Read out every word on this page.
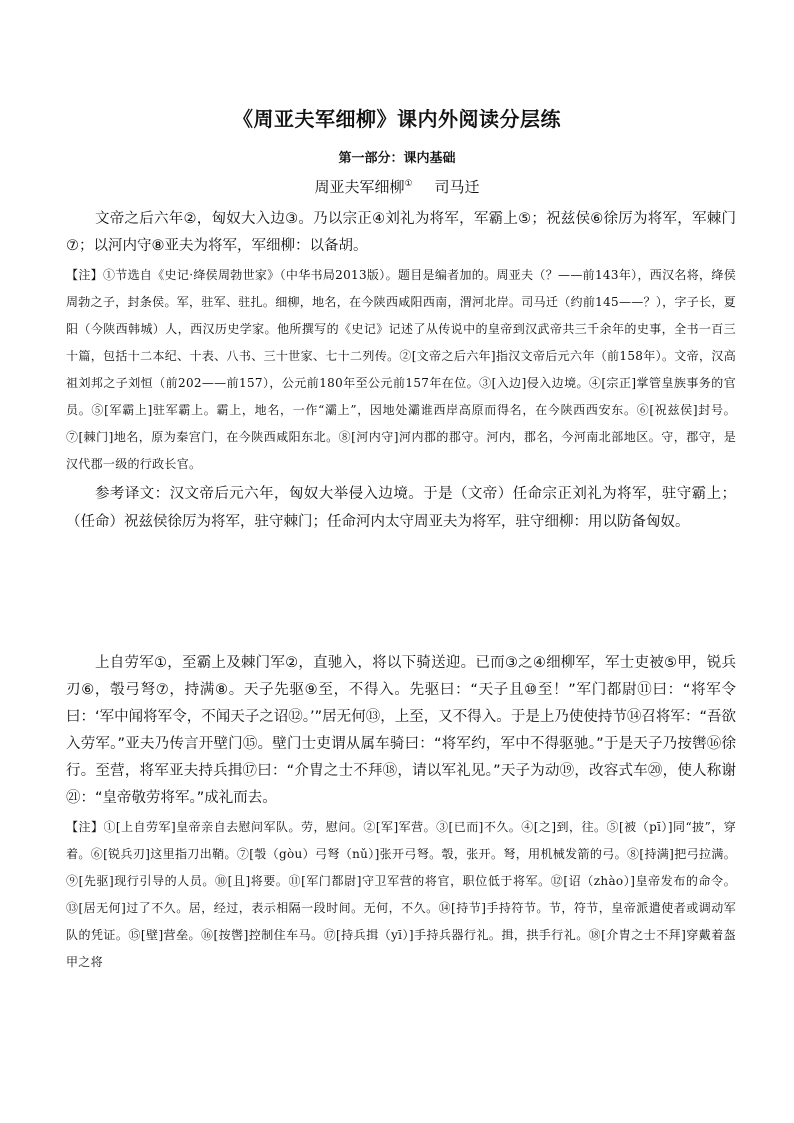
《周亚夫军细柳》课内外阅读分层练
第一部分：课内基础
周亚夫军细柳① 司马迁

文帝之后六年②，匈奴大入边③。乃以宗正④刘礼为将军，军霸上⑤；祝兹侯⑥徐厉为将军，军棘门⑦；以河内守⑧亚夫为将军，军细柳：以备胡。

【注】①节选自《史记·绛侯周勃世家》（中华书局2013版）。题目是编者加的。周亚夫（？——前143年），西汉名将，绛侯周勃之子，封条侯。军，驻军、驻扎。细柳，地名，在今陕西咸阳西南，渭河北岸。司马迁（约前145——？），字子长，夏阳（今陕西韩城）人，西汉历史学家。他所撰写的《史记》记述了从传说中的皇帝到汉武帝共三千余年的史事，全书一百三十篇，包括十二本纪、十表、八书、三十世家、七十二列传。②[文帝之后六年]指汉文帝后元六年（前158年）。文帝，汉高祖刘邦之子刘恒（前202——前157），公元前180年至公元前157年在位。③[入边]侵入边境。④[宗正]掌管皇族事务的官员。⑤[军霸上]驻军霸上。霸上，地名，一作“灞上”，因地处灞谁西岸高原而得名，在今陕西西安东。⑥[祝兹侯]封号。⑦[棘门]地名，原为秦宫门，在今陕西咸阳东北。⑧[河内守]河内郡的郡守。河内，郡名，今河南北部地区。守，郡守，是汉代郡一级的行政长官。

参考译文：汉文帝后元六年，匈奴大举侵入边境。于是（文帝）任命宗正刘礼为将军，驻守霸上；（任命）祝兹侯徐厉为将军，驻守棘门；任命河内太守周亚夫为将军，驻守细柳：用以防备匈奴。

上自劳军①，至霸上及棘门军②，直驰入，将以下骑送迎。已而③之④细柳军，军士吏被⑤甲，锐兵刃⑥，彀弓弩⑦，持满⑧。天子先驱⑨至，不得入。先驱曰：“天子且⑩至！”军门都尉⑪曰：“将军令曰：‘军中闻将军令，不闻天子之诏⑫。’”居无何⑬，上至，又不得入。于是上乃使使持节⑭召将军：“吾欲入劳军。”亚夫乃传言开壁门⑮。壁门士吏谓从属车骑曰：“将军约，军中不得驱驰。”于是天子乃按辔⑯徐行。至营，将军亚夫持兵揖⑰曰：“介胄之士不拜⑱，请以军礼见。”天子为动⑲，改容式车⑳，使人称谢㉑：“皇帝敬劳将军。”成礼而去。

【注】①[上自劳军]皇帝亲自去慰问军队。劳，慰问。②[军]军营。③[已而]不久。④[之]到，往。⑤[被（pī）]同“披”，穿着。⑥[锐兵刃]这里指刀出鞘。⑦[彀（gòu）弓弩（nǔ）]张开弓弩。彀，张开。弩，用机械发箭的弓。⑧[持满]把弓拉满。⑨[先驱]现行引导的人员。⑩[且]将要。⑪[军门都尉]守卫军营的将官，职位低于将军。⑫[诏（zhào）]皇帝发布的命令。⑬[居无何]过了不久。居，经过，表示相隔一段时间。无何，不久。⑭[持节]手持符节。节，符节，皇帝派遣使者或调动军队的凭证。⑮[壁]营垒。⑯[按辔]控制住车马。⑰[持兵揖（yī）]手持兵器行礼。揖，拱手行礼。⑱[介胄之士不拜]穿戴着盔甲之将
